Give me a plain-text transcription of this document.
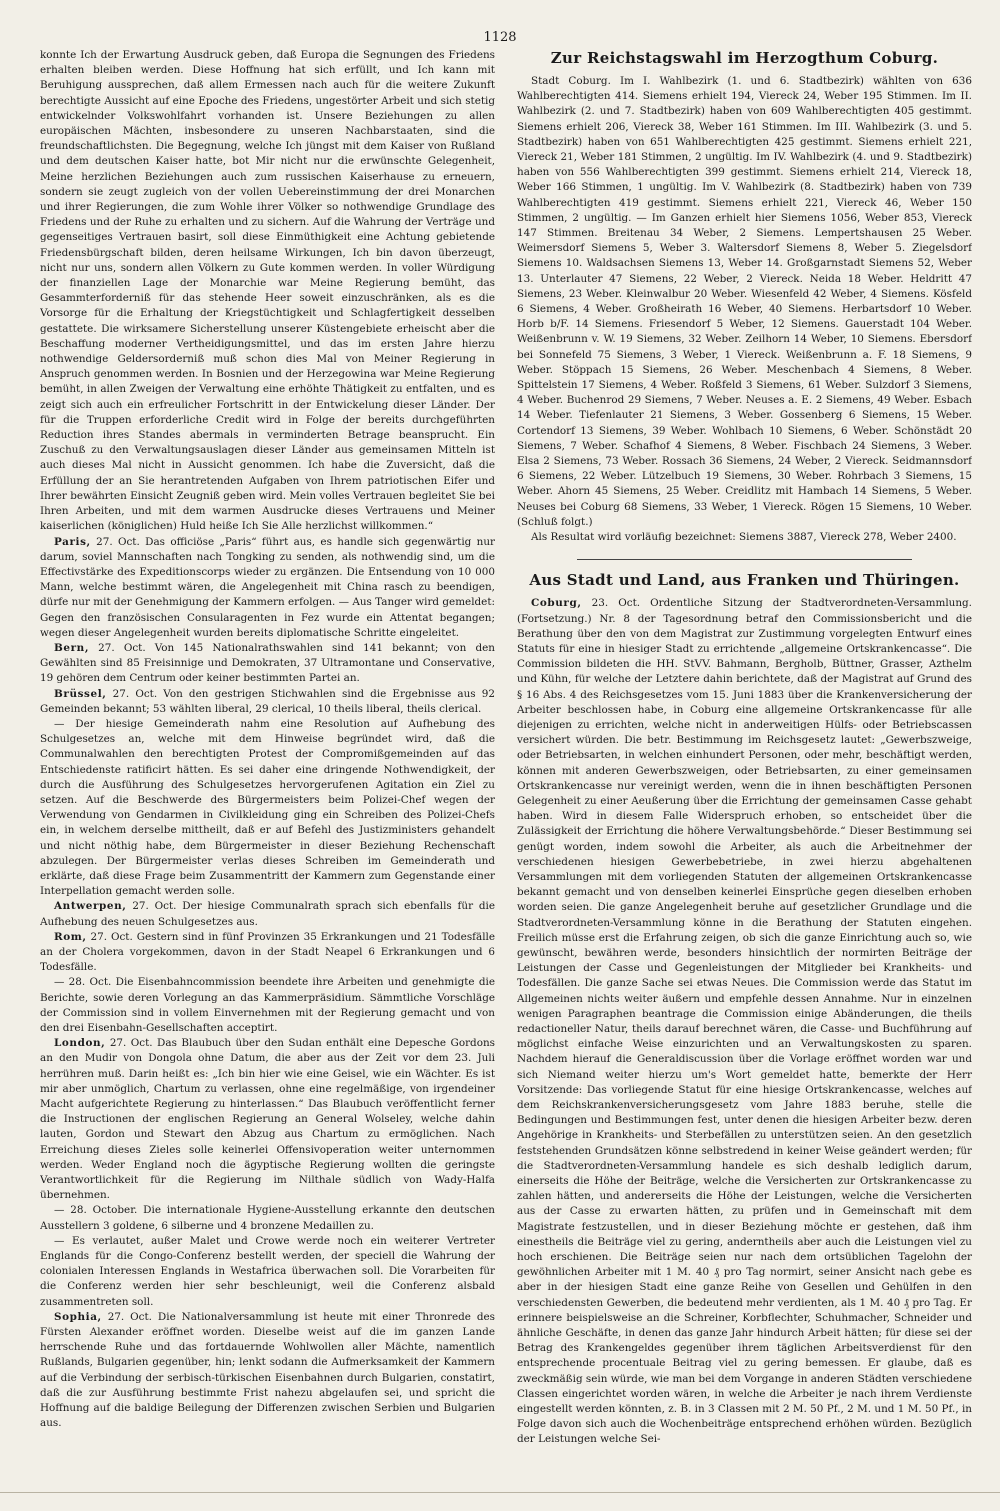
1128

konnte Ich der Erwartung Ausdruck geben, daß Europa die Segnungen des Friedens erhalten bleiben werden. Diese Hoffnung hat sich erfüllt, und Ich kann mit Beruhigung aussprechen, daß allem Ermessen nach auch für die weitere Zukunft berechtigte Aussicht auf eine Epoche des Friedens, ungestörter Arbeit und sich stetig entwickelnder Volkswohlfahrt vorhanden ist. Unsere Beziehungen zu allen europäischen Mächten, insbesondere zu unseren Nachbarstaaten, sind die freundschaftlichsten. Die Begegnung, welche Ich jüngst mit dem Kaiser von Rußland und dem deutschen Kaiser hatte, bot Mir nicht nur die erwünschte Gelegenheit, Meine herzlichen Beziehungen auch zum russischen Kaiserhause zu erneuern, sondern sie zeugt zugleich von der vollen Uebereinstimmung der drei Monarchen und ihrer Regierungen, die zum Wohle ihrer Völker so nothwendige Grundlage des Friedens und der Ruhe zu erhalten und zu sichern. Auf die Wahrung der Verträge und gegenseitiges Vertrauen basirt, soll diese Einmüthigkeit eine Achtung gebietende Friedensbürgschaft bilden, deren heilsame Wirkungen, Ich bin davon überzeugt, nicht nur uns, sondern allen Völkern zu Gute kommen werden. In voller Würdigung der finanziellen Lage der Monarchie war Meine Regierung bemüht, das Gesammterforderniß für das stehende Heer soweit einzuschränken, als es die Vorsorge für die Erhaltung der Kriegstüchtigkeit und Schlagfertigkeit desselben gestattete. Die wirksamere Sicherstellung unserer Küstengebiete erheischt aber die Beschaffung moderner Vertheidigungsmittel, und das im ersten Jahre hierzu nothwendige Geldersorderniß muß schon dies Mal von Meiner Regierung in Anspruch genommen werden. In Bosnien und der Herzegowina war Meine Regierung bemüht, in allen Zweigen der Verwaltung eine erhöhte Thätigkeit zu entfalten, und es zeigt sich auch ein erfreulicher Fortschritt in der Entwickelung dieser Länder. Der für die Truppen erforderliche Credit wird in Folge der bereits durchgeführten Reduction ihres Standes abermals in verminderten Betrage beansprucht. Ein Zuschuß zu den Verwaltungsauslagen dieser Länder aus gemeinsamen Mitteln ist auch dieses Mal nicht in Aussicht genommen. Ich habe die Zuversicht, daß die Erfüllung der an Sie herantretenden Aufgaben von Ihrem patriotischen Eifer und Ihrer bewährten Einsicht Zeugniß geben wird. Mein volles Vertrauen begleitet Sie bei Ihren Arbeiten, und mit dem warmen Ausdrucke dieses Vertrauens und Meiner kaiserlichen (königlichen) Huld heiße Ich Sie Alle herzlichst willkommen.“

Paris, 27. Oct. Das officiöse „Paris“ führt aus, es handle sich gegenwärtig nur darum, soviel Mannschaften nach Tongking zu senden, als nothwendig sind, um die Effectivstärke des Expeditionscorps wieder zu ergänzen. Die Entsendung von 10 000 Mann, welche bestimmt wären, die Angelegenheit mit China rasch zu beendigen, dürfe nur mit der Genehmigung der Kammern erfolgen. — Aus Tanger wird gemeldet: Gegen den französischen Consularagenten in Fez wurde ein Attentat begangen; wegen dieser Angelegenheit wurden bereits diplomatische Schritte eingeleitet.

Bern, 27. Oct. Von 145 Nationalrathswahlen sind 141 bekannt; von den Gewählten sind 85 Freisinnige und Demokraten, 37 Ultramontane und Conservative, 19 gehören dem Centrum oder keiner bestimmten Partei an.

Brüssel, 27. Oct. Von den gestrigen Stichwahlen sind die Ergebnisse aus 92 Gemeinden bekannt; 53 wählten liberal, 29 clerical, 10 theils liberal, theils clerical.

— Der hiesige Gemeinderath nahm eine Resolution auf Aufhebung des Schulgesetzes an, welche mit dem Hinweise begründet wird, daß die Communalwahlen den berechtigten Protest der Compromißgemeinden auf das Entschiedenste ratificirt hätten. Es sei daher eine dringende Nothwendigkeit, der durch die Ausführung des Schulgesetzes hervorgerufenen Agitation ein Ziel zu setzen. Auf die Beschwerde des Bürgermeisters beim Polizei-Chef wegen der Verwendung von Gendarmen in Civilkleidung ging ein Schreiben des Polizei-Chefs ein, in welchem derselbe mittheilt, daß er auf Befehl des Justizministers gehandelt und nicht nöthig habe, dem Bürgermeister in dieser Beziehung Rechenschaft abzulegen. Der Bürgermeister verlas dieses Schreiben im Gemeinderath und erklärte, daß diese Frage beim Zusammentritt der Kammern zum Gegenstande einer Interpellation gemacht werden solle.

Antwerpen, 27. Oct. Der hiesige Communalrath sprach sich ebenfalls für die Aufhebung des neuen Schulgesetzes aus.

Rom, 27. Oct. Gestern sind in fünf Provinzen 35 Erkrankungen und 21 Todesfälle an der Cholera vorgekommen, davon in der Stadt Neapel 6 Erkrankungen und 6 Todesfälle.

— 28. Oct. Die Eisenbahncommission beendete ihre Arbeiten und genehmigte die Berichte, sowie deren Vorlegung an das Kammerpräsidium. Sämmtliche Vorschläge der Commission sind in vollem Einvernehmen mit der Regierung gemacht und von den drei Eisenbahn-Gesellschaften acceptirt.

London, 27. Oct. Das Blaubuch über den Sudan enthält eine Depesche Gordons an den Mudir von Dongola ohne Datum, die aber aus der Zeit vor dem 23. Juli herrühren muß. Darin heißt es: „Ich bin hier wie eine Geisel, wie ein Wächter. Es ist mir aber unmöglich, Chartum zu verlassen, ohne eine regelmäßige, von irgendeiner Macht aufgerichtete Regierung zu hinterlassen.“ Das Blaubuch veröffentlicht ferner die Instructionen der englischen Regierung an General Wolseley, welche dahin lauten, Gordon und Stewart den Abzug aus Chartum zu ermöglichen. Nach Erreichung dieses Zieles solle keinerlei Offensivoperation weiter unternommen werden. Weder England noch die ägyptische Regierung wollten die geringste Verantwortlichkeit für die Regierung im Nilthale südlich von Wady-Halfa übernehmen.

— 28. October. Die internationale Hygiene-Ausstellung erkannte den deutschen Ausstellern 3 goldene, 6 silberne und 4 bronzene Medaillen zu.

— Es verlautet, außer Malet und Crowe werde noch ein weiterer Vertreter Englands für die Congo-Conferenz bestellt werden, der speciell die Wahrung der colonialen Interessen Englands in Westafrica überwachen soll. Die Vorarbeiten für die Conferenz werden hier sehr beschleunigt, weil die Conferenz alsbald zusammentreten soll.

Sophia, 27. Oct. Die Nationalversammlung ist heute mit einer Thronrede des Fürsten Alexander eröffnet worden. Dieselbe weist auf die im ganzen Lande herrschende Ruhe und das fortdauernde Wohlwollen aller Mächte, namentlich Rußlands, Bulgarien gegenüber, hin; lenkt sodann die Aufmerksamkeit der Kammern auf die Verbindung der serbisch-türkischen Eisenbahnen durch Bulgarien, constatirt, daß die zur Ausführung bestimmte Frist nahezu abgelaufen sei, und spricht die Hoffnung auf die baldige Beilegung der Differenzen zwischen Serbien und Bulgarien aus.

Zur Reichstagswahl im Herzogthum Coburg.

Stadt Coburg. Im I. Wahlbezirk (1. und 6. Stadtbezirk) wählten von 636 Wahlberechtigten 414. Siemens erhielt 194, Viereck 24, Weber 195 Stimmen. Im II. Wahlbezirk (2. und 7. Stadtbezirk) haben von 609 Wahlberechtigten 405 gestimmt. Siemens erhielt 206, Viereck 38, Weber 161 Stimmen. Im III. Wahlbezirk (3. und 5. Stadtbezirk) haben von 651 Wahlberechtigten 425 gestimmt. Siemens erhielt 221, Viereck 21, Weber 181 Stimmen, 2 ungültig. Im IV. Wahlbezirk (4. und 9. Stadtbezirk) haben von 556 Wahlberechtigten 399 gestimmt. Siemens erhielt 214, Viereck 18, Weber 166 Stimmen, 1 ungültig. Im V. Wahlbezirk (8. Stadtbezirk) haben von 739 Wahlberechtigten 419 gestimmt. Siemens erhielt 221, Viereck 46, Weber 150 Stimmen, 2 ungültig. — Im Ganzen erhielt hier Siemens 1056, Weber 853, Viereck 147 Stimmen. Breitenau 34 Weber, 2 Siemens. Lempertshausen 25 Weber. Weimersdorf Siemens 5, Weber 3. Waltersdorf Siemens 8, Weber 5. Ziegelsdorf Siemens 10. Waldsachsen Siemens 13, Weber 14. Großgarnstadt Siemens 52, Weber 13. Unterlauter 47 Siemens, 22 Weber, 2 Viereck. Neida 18 Weber. Heldritt 47 Siemens, 23 Weber. Kleinwalbur 20 Weber. Wiesenfeld 42 Weber, 4 Siemens. Kösfeld 6 Siemens, 4 Weber. Großheirath 16 Weber, 40 Siemens. Herbartsdorf 10 Weber. Horb b/F. 14 Siemens. Friesendorf 5 Weber, 12 Siemens. Gauerstadt 104 Weber. Weißenbrunn v. W. 19 Siemens, 32 Weber. Zeilhorn 14 Weber, 10 Siemens. Ebersdorf bei Sonnefeld 75 Siemens, 3 Weber, 1 Viereck. Weißenbrunn a. F. 18 Siemens, 9 Weber. Stöppach 15 Siemens, 26 Weber. Meschenbach 4 Siemens, 8 Weber. Spittelstein 17 Siemens, 4 Weber. Roßfeld 3 Siemens, 61 Weber. Sulzdorf 3 Siemens, 4 Weber. Buchenrod 29 Siemens, 7 Weber. Neuses a. E. 2 Siemens, 49 Weber. Esbach 14 Weber. Tiefenlauter 21 Siemens, 3 Weber. Gossenberg 6 Siemens, 15 Weber. Cortendorf 13 Siemens, 39 Weber. Wohlbach 10 Siemens, 6 Weber. Schönstädt 20 Siemens, 7 Weber. Schafhof 4 Siemens, 8 Weber. Fischbach 24 Siemens, 3 Weber. Elsa 2 Siemens, 73 Weber. Rossach 36 Siemens, 24 Weber, 2 Viereck. Seidmannsdorf 6 Siemens, 22 Weber. Lützelbuch 19 Siemens, 30 Weber. Rohrbach 3 Siemens, 15 Weber. Ahorn 45 Siemens, 25 Weber. Creidlitz mit Hambach 14 Siemens, 5 Weber. Neuses bei Coburg 68 Siemens, 33 Weber, 1 Viereck. Rögen 15 Siemens, 10 Weber. (Schluß folgt.)

Als Resultat wird vorläufig bezeichnet: Siemens 3887, Viereck 278, Weber 2400.

Aus Stadt und Land, aus Franken und Thüringen.

Coburg, 23. Oct. Ordentliche Sitzung der Stadtverordneten-Versammlung. (Fortsetzung.) Nr. 8 der Tagesordnung betraf den Commissionsbericht und die Berathung über den von dem Magistrat zur Zustimmung vorgelegten Entwurf eines Statuts für eine in hiesiger Stadt zu errichtende „allgemeine Ortskrankencasse“. Die Commission bildeten die HH. StVV. Bahmann, Bergholb, Büttner, Grasser, Azthelm und Kühn, für welche der Letztere dahin berichtete, daß der Magistrat auf Grund des § 16 Abs. 4 des Reichsgesetzes vom 15. Juni 1883 über die Krankenversicherung der Arbeiter beschlossen habe, in Coburg eine allgemeine Ortskrankencasse für alle diejenigen zu errichten, welche nicht in anderweitigen Hülfs- oder Betriebscassen versichert würden. Die betr. Bestimmung im Reichsgesetz lautet: „Gewerbszweige, oder Betriebsarten, in welchen einhundert Personen, oder mehr, beschäftigt werden, können mit anderen Gewerbszweigen, oder Betriebsarten, zu einer gemeinsamen Ortskrankencasse nur vereinigt werden, wenn die in ihnen beschäftigten Personen Gelegenheit zu einer Aeußerung über die Errichtung der gemeinsamen Casse gehabt haben. Wird in diesem Falle Widerspruch erhoben, so entscheidet über die Zulässigkeit der Errichtung die höhere Verwaltungsbehörde.“ Dieser Bestimmung sei genügt worden, indem sowohl die Arbeiter, als auch die Arbeitnehmer der verschiedenen hiesigen Gewerbebetriebe, in zwei hierzu abgehaltenen Versammlungen mit dem vorliegenden Statuten der allgemeinen Ortskrankencasse bekannt gemacht und von denselben keinerlei Einsprüche gegen dieselben erhoben worden seien. Die ganze Angelegenheit beruhe auf gesetzlicher Grundlage und die Stadtverordneten-Versammlung könne in die Berathung der Statuten eingehen. Freilich müsse erst die Erfahrung zeigen, ob sich die ganze Einrichtung auch so, wie gewünscht, bewähren werde, besonders hinsichtlich der normirten Beiträge der Leistungen der Casse und Gegenleistungen der Mitglieder bei Krankheits- und Todesfällen. Die ganze Sache sei etwas Neues. Die Commission werde das Statut im Allgemeinen nichts weiter äußern und empfehle dessen Annahme. Nur in einzelnen wenigen Paragraphen beantrage die Commission einige Abänderungen, die theils redactioneller Natur, theils darauf berechnet wären, die Casse- und Buchführung auf möglichst einfache Weise einzurichten und an Verwaltungskosten zu sparen. Nachdem hierauf die Generaldiscussion über die Vorlage eröffnet worden war und sich Niemand weiter hierzu um's Wort gemeldet hatte, bemerkte der Herr Vorsitzende: Das vorliegende Statut für eine hiesige Ortskrankencasse, welches auf dem Reichskrankenversicherungsgesetz vom Jahre 1883 beruhe, stelle die Bedingungen und Bestimmungen fest, unter denen die hiesigen Arbeiter bezw. deren Angehörige in Krankheits- und Sterbefällen zu unterstützen seien. An den gesetzlich feststehenden Grundsätzen könne selbstredend in keiner Weise geändert werden; für die Stadtverordneten-Versammlung handele es sich deshalb lediglich darum, einerseits die Höhe der Beiträge, welche die Versicherten zur Ortskrankencasse zu zahlen hätten, und andererseits die Höhe der Leistungen, welche die Versicherten aus der Casse zu erwarten hätten, zu prüfen und in Gemeinschaft mit dem Magistrate festzustellen, und in dieser Beziehung möchte er gestehen, daß ihm einestheils die Beiträge viel zu gering, anderntheils aber auch die Leistungen viel zu hoch erschienen. Die Beiträge seien nur nach dem ortsüblichen Tagelohn der gewöhnlichen Arbeiter mit 1 M. 40 ₰ pro Tag normirt, seiner Ansicht nach gebe es aber in der hiesigen Stadt eine ganze Reihe von Gesellen und Gehülfen in den verschiedensten Gewerben, die bedeutend mehr verdienten, als 1 M. 40 ₰ pro Tag. Er erinnere beispielsweise an die Schreiner, Korbflechter, Schuhmacher, Schneider und ähnliche Geschäfte, in denen das ganze Jahr hindurch Arbeit hätten; für diese sei der Betrag des Krankengeldes gegenüber ihrem täglichen Arbeitsverdienst für den entsprechende procentuale Beitrag viel zu gering bemessen. Er glaube, daß es zweckmäßig sein würde, wie man bei dem Vorgange in anderen Städten verschiedene Classen eingerichtet worden wären, in welche die Arbeiter je nach ihrem Verdienste eingestellt werden könnten, z. B. in 3 Classen mit 2 M. 50 Pf., 2 M. und 1 M. 50 Pf., in Folge davon sich auch die Wochenbeiträge entsprechend erhöhen würden. Bezüglich der Leistungen welche Sei-
